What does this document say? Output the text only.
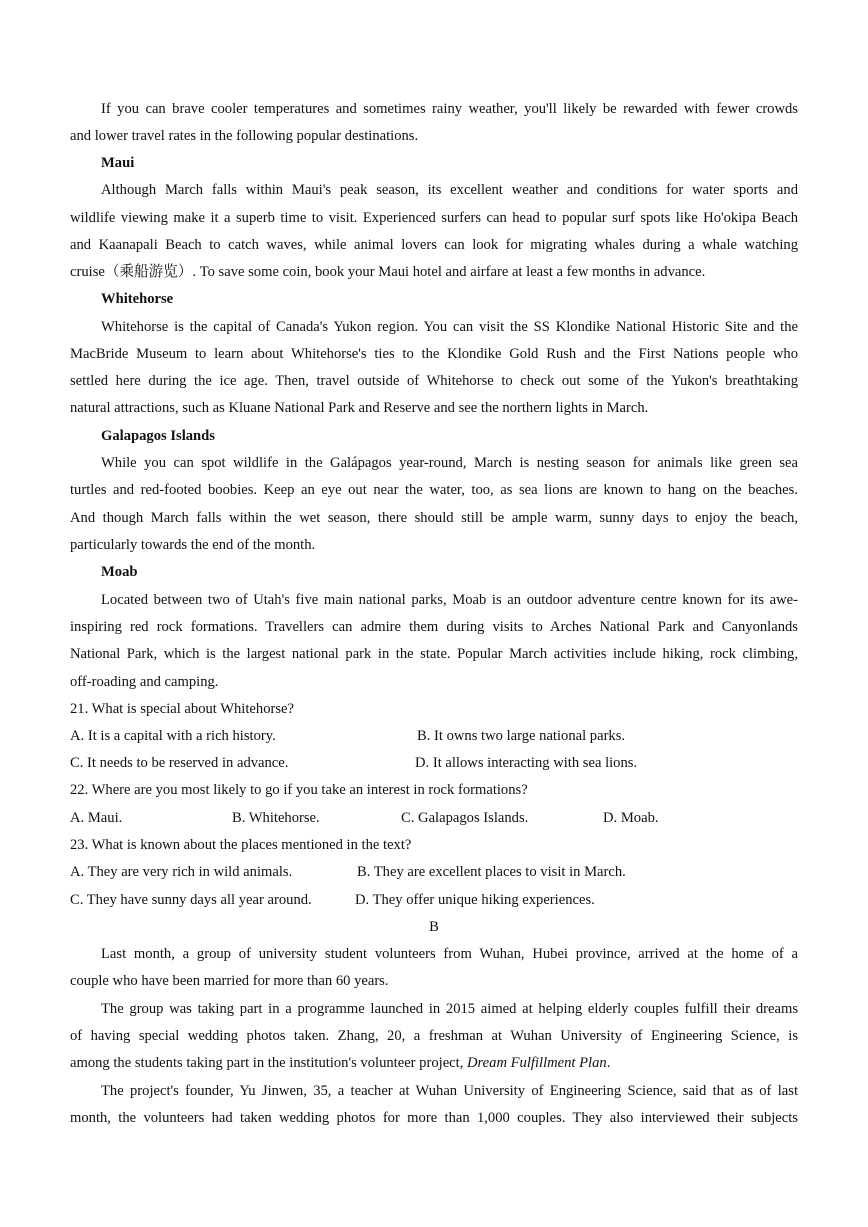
If you can brave cooler temperatures and sometimes rainy weather, you'll likely be rewarded with fewer crowds
and lower travel rates in the following popular destinations.
Maui
Although March falls within Maui's peak season, its excellent weather and conditions for water sports and
wildlife viewing make it a superb time to visit. Experienced surfers can head to popular surf spots like Ho'okipa Beach
and Kaanapali Beach to catch waves, while animal lovers can look for migrating whales during a whale watching
cruise（乘船游览）. To save some coin, book your Maui hotel and airfare at least a few months in advance.
Whitehorse
Whitehorse is the capital of Canada's Yukon region. You can visit the SS Klondike National Historic Site and the
MacBride Museum to learn about Whitehorse's ties to the Klondike Gold Rush and the First Nations people who
settled here during the ice age. Then, travel outside of Whitehorse to check out some of the Yukon's breathtaking
natural attractions, such as Kluane National Park and Reserve and see the northern lights in March.
Galapagos Islands
While you can spot wildlife in the Galápagos year-round, March is nesting season for animals like green sea
turtles and red-footed boobies. Keep an eye out near the water, too, as sea lions are known to hang on the beaches.
And though March falls within the wet season, there should still be ample warm, sunny days to enjoy the beach,
particularly towards the end of the month.
Moab
Located between two of Utah's five main national parks, Moab is an outdoor adventure centre known for its awe-
inspiring red rock formations. Travellers can admire them during visits to Arches National Park and Canyonlands
National Park, which is the largest national park in the state. Popular March activities include hiking, rock climbing,
off-roading and camping.
21. What is special about Whitehorse?
A. It is a capital with a rich history.	B. It owns two large national parks.
C. It needs to be reserved in advance.	D. It allows interacting with sea lions.
22. Where are you most likely to go if you take an interest in rock formations?
A. Maui.	B. Whitehorse.	C. Galapagos Islands.	D. Moab.
23. What is known about the places mentioned in the text?
A. They are very rich in wild animals.	B. They are excellent places to visit in March.
C. They have sunny days all year around.	D. They offer unique hiking experiences.
B
Last month, a group of university student volunteers from Wuhan, Hubei province, arrived at the home of a
couple who have been married for more than 60 years.
The group was taking part in a programme launched in 2015 aimed at helping elderly couples fulfill their dreams
of having special wedding photos taken. Zhang, 20, a freshman at Wuhan University of Engineering Science, is
among the students taking part in the institution's volunteer project, Dream Fulfillment Plan.
The project's founder, Yu Jinwen, 35, a teacher at Wuhan University of Engineering Science, said that as of last
month, the volunteers had taken wedding photos for more than 1,000 couples. They also interviewed their subjects
